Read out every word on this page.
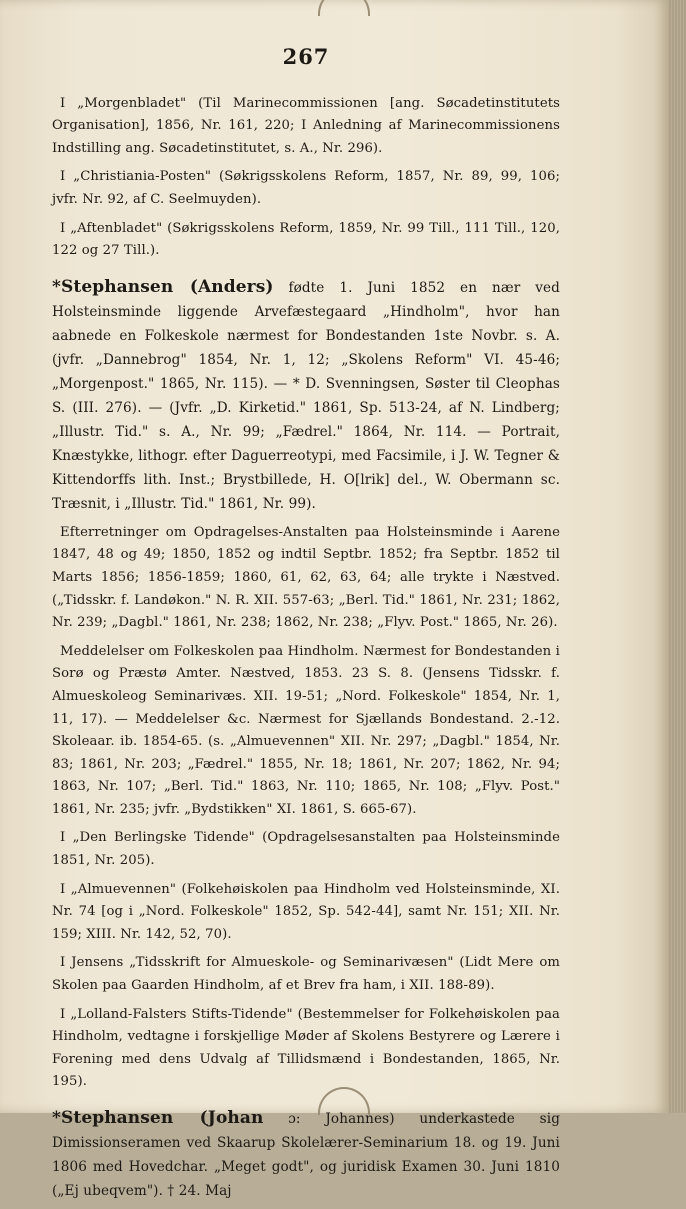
267

I „Morgenbladet" (Til Marinecommissionen [ang. Søcadetinstitutets Organisation], 1856, Nr. 161, 220; I Anledning af Marinecommissionens Indstilling ang. Søcadetinstitutet, s. A., Nr. 296).

I „Christiania-Posten" (Søkrigsskolens Reform, 1857, Nr. 89, 99, 106; jvfr. Nr. 92, af C. Seelmuyden).

I „Aftenbladet" (Søkrigsskolens Reform, 1859, Nr. 99 Till., 111 Till., 120, 122 og 27 Till.).

*Stephansen (Anders) fødte 1. Juni 1852 en nær ved Holsteinsminde liggende Arvefæstegaard „Hindholm", hvor han aabnede en Folkeskole nærmest for Bondestanden 1ste Novbr. s. A. (jvfr. „Dannebrog" 1854, Nr. 1, 12; „Skolens Reform" VI. 45-46; „Morgenpost." 1865, Nr. 115). — * D. Svenningsen, Søster til Cleophas S. (III. 276). — (Jvfr. „D. Kirketid." 1861, Sp. 513-24, af N. Lindberg; „Illustr. Tid." s. A., Nr. 99; „Fædrel." 1864, Nr. 114. — Portrait, Knæstykke, lithogr. efter Daguerreotypi, med Facsimile, i J. W. Tegner & Kittendorffs lith. Inst.; Brystbillede, H. O[lrik] del., W. Obermann sc. Træsnit, i „Illustr. Tid." 1861, Nr. 99).

Efterretninger om Opdragelses-Anstalten paa Holsteinsminde i Aarene 1847, 48 og 49; 1850, 1852 og indtil Septbr. 1852; fra Septbr. 1852 til Marts 1856; 1856-1859; 1860, 61, 62, 63, 64; alle trykte i Næstved. („Tidsskr. f. Landøkon." N. R. XII. 557-63; „Berl. Tid." 1861, Nr. 231; 1862, Nr. 239; „Dagbl." 1861, Nr. 238; 1862, Nr. 238; „Flyv. Post." 1865, Nr. 26).

Meddelelser om Folkeskolen paa Hindholm. Nærmest for Bondestanden i Sorø og Præstø Amter. Næstved, 1853. 23 S. 8. (Jensens Tidsskr. f. Almueskoleog Seminarivæs. XII. 19-51; „Nord. Folkeskole" 1854, Nr. 1, 11, 17). — Meddelelser &c. Nærmest for Sjællands Bondestand. 2.-12. Skoleaar. ib. 1854-65. (s. „Almuevennen" XII. Nr. 297; „Dagbl." 1854, Nr. 83; 1861, Nr. 203; „Fædrel." 1855, Nr. 18; 1861, Nr. 207; 1862, Nr. 94; 1863, Nr. 107; „Berl. Tid." 1863, Nr. 110; 1865, Nr. 108; „Flyv. Post." 1861, Nr. 235; jvfr. „Bydstikken" XI. 1861, S. 665-67).

I „Den Berlingske Tidende" (Opdragelsesanstalten paa Holsteinsminde 1851, Nr. 205).

I „Almuevennen" (Folkehøiskolen paa Hindholm ved Holsteinsminde, XI. Nr. 74 [og i „Nord. Folkeskole" 1852, Sp. 542-44], samt Nr. 151; XII. Nr. 159; XIII. Nr. 142, 52, 70).

I Jensens „Tidsskrift for Almueskole- og Seminarivæsen" (Lidt Mere om Skolen paa Gaarden Hindholm, af et Brev fra ham, i XII. 188-89).

I „Lolland-Falsters Stifts-Tidende" (Bestemmelser for Folkehøiskolen paa Hindholm, vedtagne i forskjellige Møder af Skolens Bestyrere og Lærere i Forening med dens Udvalg af Tillidsmænd i Bondestanden, 1865, Nr. 195).

*Stephansen (Johan ɔ: Johannes) underkastede sig Dimissionseramen ved Skaarup Skolelærer-Seminarium 18. og 19. Juni 1806 med Hovedchar. „Meget godt", og juridisk Examen 30. Juni 1810 („Ej ubeqvem"). † 24. Maj
